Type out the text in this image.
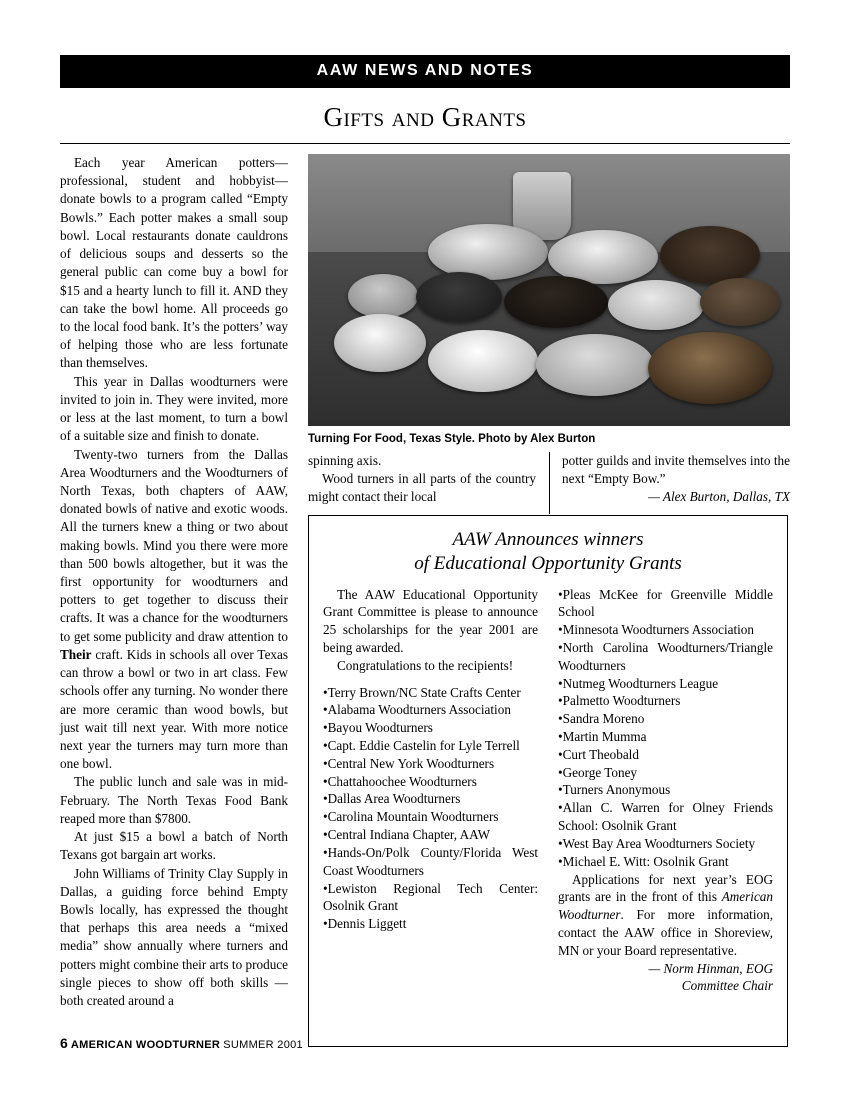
AAW NEWS AND NOTES
Gifts and Grants

Each year American potters—professional, student and hobbyist—donate bowls to a program called “Empty Bowls.” Each potter makes a small soup bowl. Local restaurants donate cauldrons of delicious soups and desserts so the general public can come buy a bowl for $15 and a hearty lunch to fill it. AND they can take the bowl home. All proceeds go to the local food bank. It’s the potters’ way of helping those who are less fortunate than themselves.

This year in Dallas woodturners were invited to join in. They were invited, more or less at the last moment, to turn a bowl of a suitable size and finish to donate.

Twenty-two turners from the Dallas Area Woodturners and the Woodturners of North Texas, both chapters of AAW, donated bowls of native and exotic woods. All the turners knew a thing or two about making bowls. Mind you there were more than 500 bowls altogether, but it was the first opportunity for woodturners and potters to get together to discuss their crafts. It was a chance for the woodturners to get some publicity and draw attention to Their craft. Kids in schools all over Texas can throw a bowl or two in art class. Few schools offer any turning. No wonder there are more ceramic than wood bowls, but just wait till next year. With more notice next year the turners may turn more than one bowl.

The public lunch and sale was in mid-February. The North Texas Food Bank reaped more than $7800.

At just $15 a bowl a batch of North Texans got bargain art works.

John Williams of Trinity Clay Supply in Dallas, a guiding force behind Empty Bowls locally, has expressed the thought that perhaps this area needs a “mixed media” show annually where turners and potters might combine their arts to produce single pieces to show off both skills — both created around a

Turning For Food, Texas Style. Photo by Alex Burton

spinning axis.

Wood turners in all parts of the country might contact their local

potter guilds and invite themselves into the next “Empty Bow.”

— Alex Burton, Dallas, TX

AAW Announces winners
of Educational Opportunity Grants

The AAW Educational Opportunity Grant Committee is please to announce 25 scholarships for the year 2001 are being awarded.

Congratulations to the recipients!

•Terry Brown/NC State Crafts Center

•Alabama Woodturners Association

•Bayou Woodturners

•Capt. Eddie Castelin for Lyle Terrell

•Central New York Woodturners

•Chattahoochee Woodturners

•Dallas Area Woodturners

•Carolina Mountain Woodturners

•Central Indiana Chapter, AAW

•Hands-On/Polk County/Florida West Coast Woodturners

•Lewiston Regional Tech Center: Osolnik Grant

•Dennis Liggett

•Pleas McKee for Greenville Middle School

•Minnesota Woodturners Association

•North Carolina Woodturners/Triangle Woodturners

•Nutmeg Woodturners League

•Palmetto Woodturners

•Sandra Moreno

•Martin Mumma

•Curt Theobald

•George Toney

•Turners Anonymous

•Allan C. Warren for Olney Friends School: Osolnik Grant

•West Bay Area Woodturners Society

•Michael E. Witt: Osolnik Grant

Applications for next year’s EOG grants are in the front of this American Woodturner. For more information, contact the AAW office in Shoreview, MN or your Board representative.

— Norm Hinman, EOG

Committee Chair

6 AMERICAN WOODTURNER SUMMER 2001
